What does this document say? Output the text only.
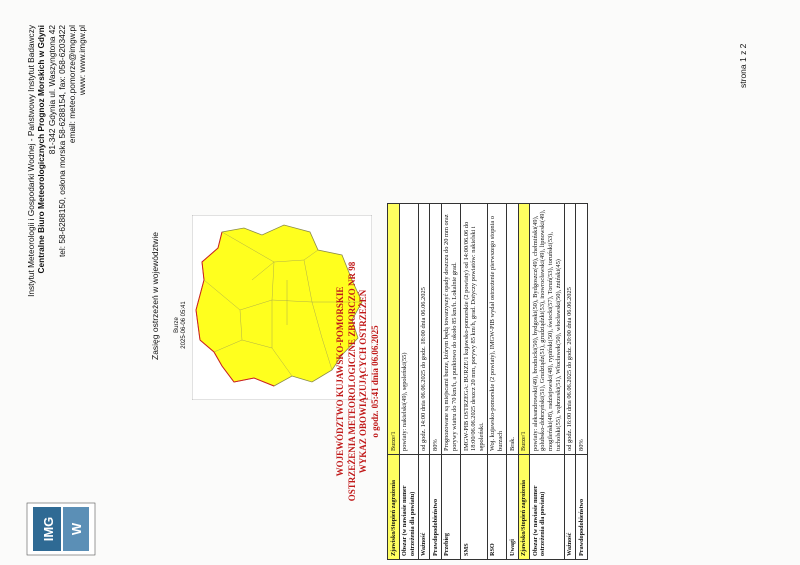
IMG W
Instytut Meteorologii i Gospodarki Wodnej - Państwowy Instytut Badawczy Centralne Biuro Meteorologicznych Prognoz Morskich w Gdyni 81-342 Gdynia ul. Waszyngtona 42 tel: 58-6288150, osłona morska 58-6288154, fax: 058-6203422 email: meteo.pomorze@imgw.pl www: www.imgw.pl
Zasięg ostrzeżeń w województwie Burze 2025-06-06 05:41	WOJEWÓDZTWO KUJAWSKO-POMORSKIE OSTRZEŻENIA METEOROLOGICZNE ZBIORCZO NR 98 WYKAZ OBOWIĄZUJĄCYCH OSTRZEŻEŃ o godz. 05:41 dnia 06.06.2025
Zjawisko/Stopień zagrożenia	Burze/1
Obszar (w nawiasie numer ostrzeżenia dla powiatu)	powiaty: nakielski(49), sępoleński(55)
Ważność	od godz. 14:00 dnia 06.06.2025 do godz. 18:00 dnia 06.06.2025
Prawdopodobieństwo	80%
Przebieg	Prognozowane są miejscami burze, którym będą towarzyszyć opady deszczu do 20 mm oraz porywy wiatru do 70 km/h, a punktowo do około 85 km/h. Lokalnie grad.
SMS	IMGW-PIB OSTRZEGA: BURZE/1 kujawsko-pomorskie (2 powiaty) od 14:00/06.06 do 18:00/06.06.2025 deszcz 20 mm, porywy 85 km/h, grad. Dotyczy powiatów: nakielski i sępoleński.
RSO	Woj. kujawsko-pomorskie (2 powiaty), IMGW-PIB wydał ostrzeżenie pierwszego stopnia o burzach
Uwagi	Brak.
Zjawisko/Stopień zagrożenia	Burze/1
Obszar (w nawiasie numer ostrzeżenia dla powiatu)	powiaty: aleksandrowski(49), brodnicki(50), bydgoski(50), Bydgoszcz(49), chełmiński(49), golubsko-dobrzyński(51), Grudziądz(51), grudziądzki(53), inowrocławski(49), lipnowski(49), mogileński(48), radziejowski(48), rypiński(50), świecki(57), Toruń(53), toruński(53), tucholski(55), wąbrzeski(51), Włocławek(50), włocławski(50), żniński(45)
Ważność	od godz. 16:00 dnia 06.06.2025 do godz. 20:00 dnia 06.06.2025
Prawdopodobieństwo	80%
strona 1 z 2
